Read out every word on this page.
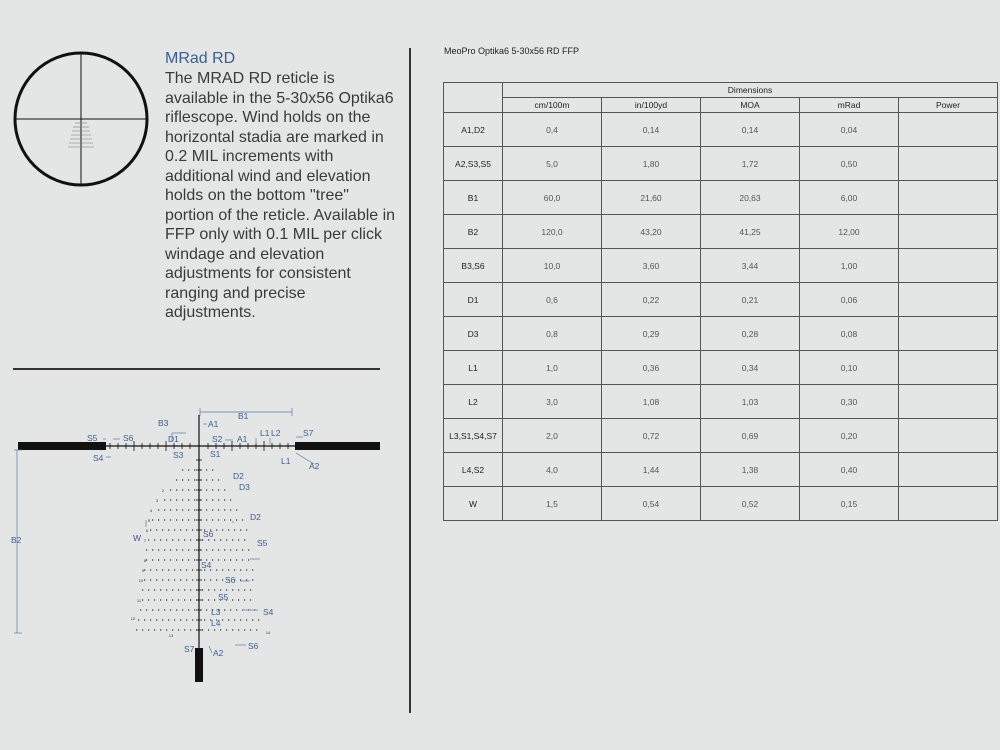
MRad RD
The MRAD RD reticle is available in the 5-30x56 Optika6 riflescope. Wind holds on the horizontal stadia are marked in 0.2 MIL increments with additional wind and elevation holds on the bottom "tree" portion of the reticle. Available in FFP only with 0.1 MIL per click windage and elevation adjustments for consistent ranging and precise adjustments.
2
3
4
5
6
7
8
9
10
11
12
13
14
B1
B3	A1
D1	S2 A1
L1 L2	S7
S5	S6
S4	S3	S1
L1 A2
D2
D3
D2
W	S6
B2	S5
S4
S6
S5
L3	S4
L4
S6
S7 A2
MeoPro Optika6 5-30x56 RD FFP
	Dimensions				
	cm/100m	in/100yd	MOA	mRad	Power
A1,D2	0,4	0,14	0,14	0,04	
A2,S3,S5	5,0	1,80	1,72	0,50	
B1	60,0	21,60	20,63	6,00	
B2	120,0	43,20	41,25	12,00	
B3,S6	10,0	3,60	3,44	1,00	
D1	0,6	0,22	0,21	0,06	
D3	0,8	0,29	0,28	0,08	
L1	1,0	0,36	0,34	0,10	
L2	3,0	1,08	1,03	0,30	
L3,S1,S4,S7	2,0	0,72	0,69	0,20	
L4,S2	4,0	1,44	1,38	0,40	
W	1,5	0,54	0,52	0,15	
